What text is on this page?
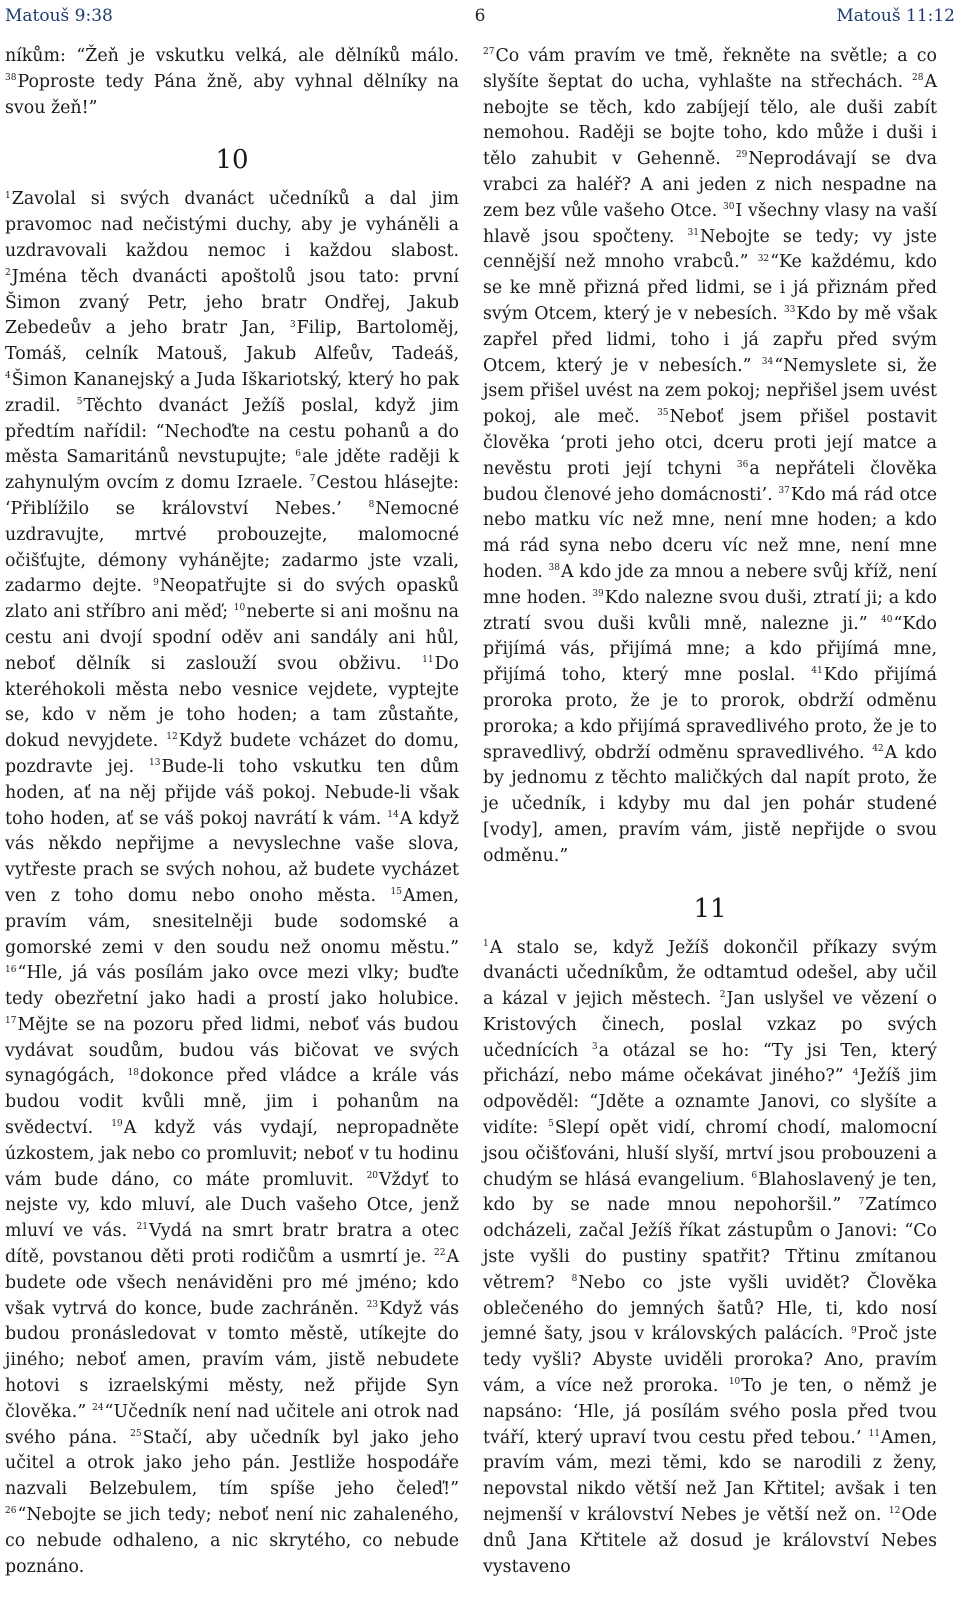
6
Matouš 9:38	Matouš 11:12

níkům: “Žeň je vskutku velká, ale dělníků málo. $^{38}$Poproste tedy Pána žně, aby vyhnal dělníky na svou žeň!”

10

$^1$Zavolal si svých dvanáct učedníků a dal jim pravomoc nad nečistými duchy, aby je vyháněli a uzdravovali každou nemoc i každou slabost. $^2$Jména těch dvanácti apoštolů jsou tato: první Šimon zvaný Petr, jeho bratr Ondřej, Jakub Zebedeův a jeho bratr Jan, $^3$Filip, Bartoloměj, Tomáš, celník Matouš, Jakub Alfeův, Tadeáš, $^4$Šimon Kananejský a Juda Iškariotský, který ho pak zradil. $^5$Těchto dvanáct Ježíš poslal, když jim předtím nařídil: “Nechoďte na cestu pohanů a do města Samaritánů nevstupujte; $^6$ale jděte raději k zahynulým ovcím z domu Izraele. $^7$Cestou hlásejte: ‘Přiblížilo se království Nebes.’ $^8$Nemocné uzdravujte, mrtvé probouzejte, malomocné očišťujte, démony vyhánějte; zadarmo jste vzali, zadarmo dejte. $^9$Neopatřujte si do svých opasků zlato ani stříbro ani měď; $^{10}$neberte si ani mošnu na cestu ani dvojí spodní oděv ani sandály ani hůl, neboť dělník si zaslouží svou obživu. $^{11}$Do kteréhokoli města nebo vesnice vejdete, vyptejte se, kdo v něm je toho hoden; a tam zůstaňte, dokud nevyjdete. $^{12}$Když budete vcházet do domu, pozdravte jej. $^{13}$Bude-li toho vskutku ten dům hoden, ať na něj přijde váš pokoj. Nebude-li však toho hoden, ať se váš pokoj navrátí k vám. $^{14}$A když vás někdo nepřijme a nevyslechne vaše slova, vytřeste prach se svých nohou, až budete vycházet ven z toho domu nebo onoho města. $^{15}$Amen, pravím vám, snesitelněji bude sodomské a gomorské zemi v den soudu než onomu městu.” $^{16}$“Hle, já vás posílám jako ovce mezi vlky; buďte tedy obezřetní jako hadi a prostí jako holubice. $^{17}$Mějte se na pozoru před lidmi, neboť vás budou vydávat soudům, budou vás bičovat ve svých synagógách, $^{18}$dokonce před vládce a krále vás budou vodit kvůli mně, jim i pohanům na svědectví. $^{19}$A když vás vydají, nepropadněte úzkostem, jak nebo co promluvit; neboť v tu hodinu vám bude dáno, co máte promluvit. $^{20}$Vždyť to nejste vy, kdo mluví, ale Duch vašeho Otce, jenž mluví ve vás. $^{21}$Vydá na smrt bratr bratra a otec dítě, povstanou děti proti rodičům a usmrtí je. $^{22}$A budete ode všech nenáviděni pro mé jméno; kdo však vytrvá do konce, bude zachráněn. $^{23}$Když vás budou pronásledovat v tomto městě, utíkejte do jiného; neboť amen, pravím vám, jistě nebudete hotovi s izraelskými městy, než přijde Syn člověka.” $^{24}$“Učedník není nad učitele ani otrok nad svého pána. $^{25}$Stačí, aby učedník byl jako jeho učitel a otrok jako jeho pán. Jestliže hospodáře nazvali Belzebulem, tím spíše jeho čeleď!” $^{26}$“Nebojte se jich tedy; neboť není nic zahaleného, co nebude odhaleno, a nic skrytého, co nebude poznáno.

$^{27}$Co vám pravím ve tmě, řekněte na světle; a co slyšíte šeptat do ucha, vyhlašte na střechách. $^{28}$A nebojte se těch, kdo zabíjejí tělo, ale duši zabít nemohou. Raději se bojte toho, kdo může i duši i tělo zahubit v Gehenně. $^{29}$Neprodávají se dva vrabci za haléř? A ani jeden z nich nespadne na zem bez vůle vašeho Otce. $^{30}$I všechny vlasy na vaší hlavě jsou spočteny. $^{31}$Nebojte se tedy; vy jste cennější než mnoho vrabců.” $^{32}$“Ke každému, kdo se ke mně přizná před lidmi, se i já přiznám před svým Otcem, který je v nebesích. $^{33}$Kdo by mě však zapřel před lidmi, toho i já zapřu před svým Otcem, který je v nebesích.” $^{34}$“Nemyslete si, že jsem přišel uvést na zem pokoj; nepřišel jsem uvést pokoj, ale meč. $^{35}$Neboť jsem přišel postavit člověka ‘proti jeho otci, dceru proti její matce a nevěstu proti její tchyni $^{36}$a nepřáteli člověka budou členové jeho domácnosti’. $^{37}$Kdo má rád otce nebo matku víc než mne, není mne hoden; a kdo má rád syna nebo dceru víc než mne, není mne hoden. $^{38}$A kdo jde za mnou a nebere svůj kříž, není mne hoden. $^{39}$Kdo nalezne svou duši, ztratí ji; a kdo ztratí svou duši kvůli mně, nalezne ji.” $^{40}$“Kdo přijímá vás, přijímá mne; a kdo přijímá mne, přijímá toho, který mne poslal. $^{41}$Kdo přijímá proroka proto, že je to prorok, obdrží odměnu proroka; a kdo přijímá spravedlivého proto, že je to spravedlivý, obdrží odměnu spravedlivého. $^{42}$A kdo by jednomu z těchto maličkých dal napít proto, že je učedník, i kdyby mu dal jen pohár studené [vody], amen, pravím vám, jistě nepřijde o svou odměnu.”

11

$^1$A stalo se, když Ježíš dokončil příkazy svým dvanácti učedníkům, že odtamtud odešel, aby učil a kázal v jejich městech. $^2$Jan uslyšel ve vězení o Kristových činech, poslal vzkaz po svých učednících $^3$a otázal se ho: “Ty jsi Ten, který přichází, nebo máme očekávat jiného?” $^4$Ježíš jim odpověděl: “Jděte a oznamte Janovi, co slyšíte a vidíte: $^5$Slepí opět vidí, chromí chodí, malomocní jsou očišťováni, hluší slyší, mrtví jsou probouzeni a chudým se hlásá evangelium. $^6$Blahoslavený je ten, kdo by se nade mnou nepohoršil.” $^7$Zatímco odcházeli, začal Ježíš říkat zástupům o Janovi: “Co jste vyšli do pustiny spatřit? Třtinu zmítanou větrem? $^8$Nebo co jste vyšli uvidět? Člověka oblečeného do jemných šatů? Hle, ti, kdo nosí jemné šaty, jsou v královských palácích. $^9$Proč jste tedy vyšli? Abyste uviděli proroka? Ano, pravím vám, a více než proroka. $^{10}$To je ten, o němž je napsáno: ‘Hle, já posílám svého posla před tvou tváří, který upraví tvou cestu před tebou.’ $^{11}$Amen, pravím vám, mezi těmi, kdo se narodili z ženy, nepovstal nikdo větší než Jan Křtitel; avšak i ten nejmenší v království Nebes je větší než on. $^{12}$Ode dnů Jana Křtitele až dosud je království Nebes vystaveno
